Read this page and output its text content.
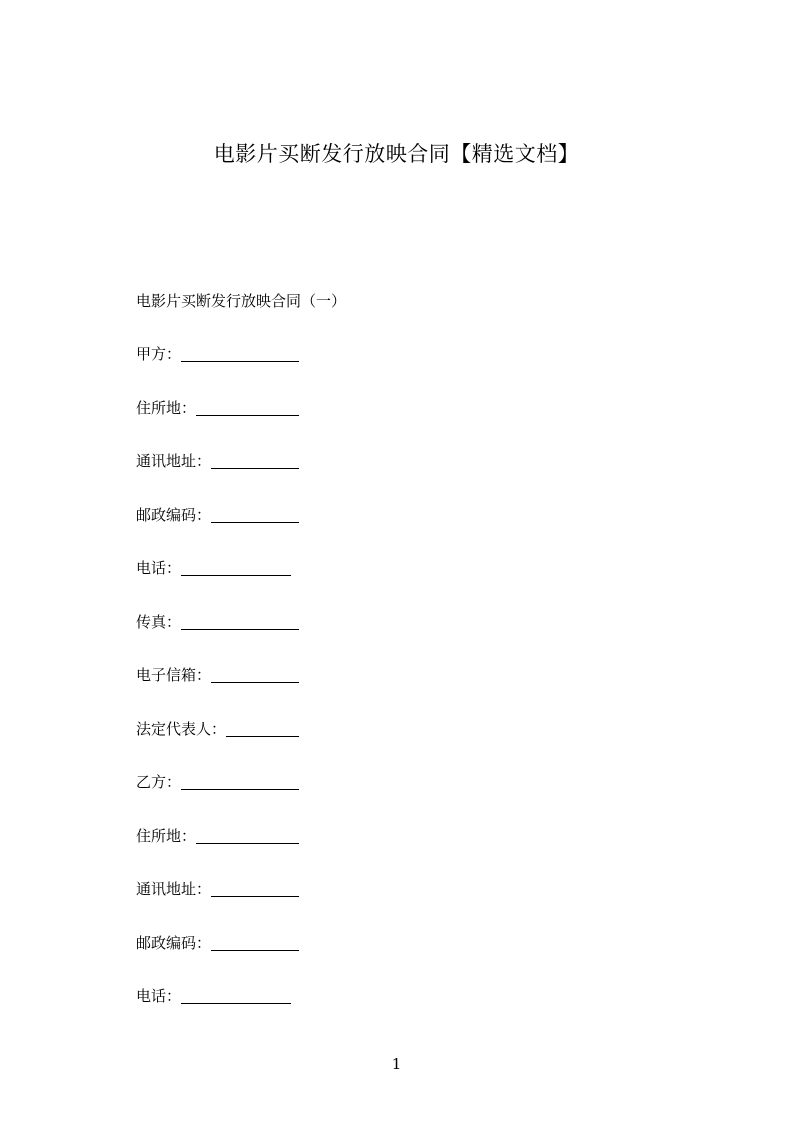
电影片买断发行放映合同【精选文档】
电影片买断发行放映合同（一）
甲方：
住所地：
通讯地址：
邮政编码：
电话：
传真：
电子信箱：
法定代表人：
乙方：
住所地：
通讯地址：
邮政编码：
电话：
1
